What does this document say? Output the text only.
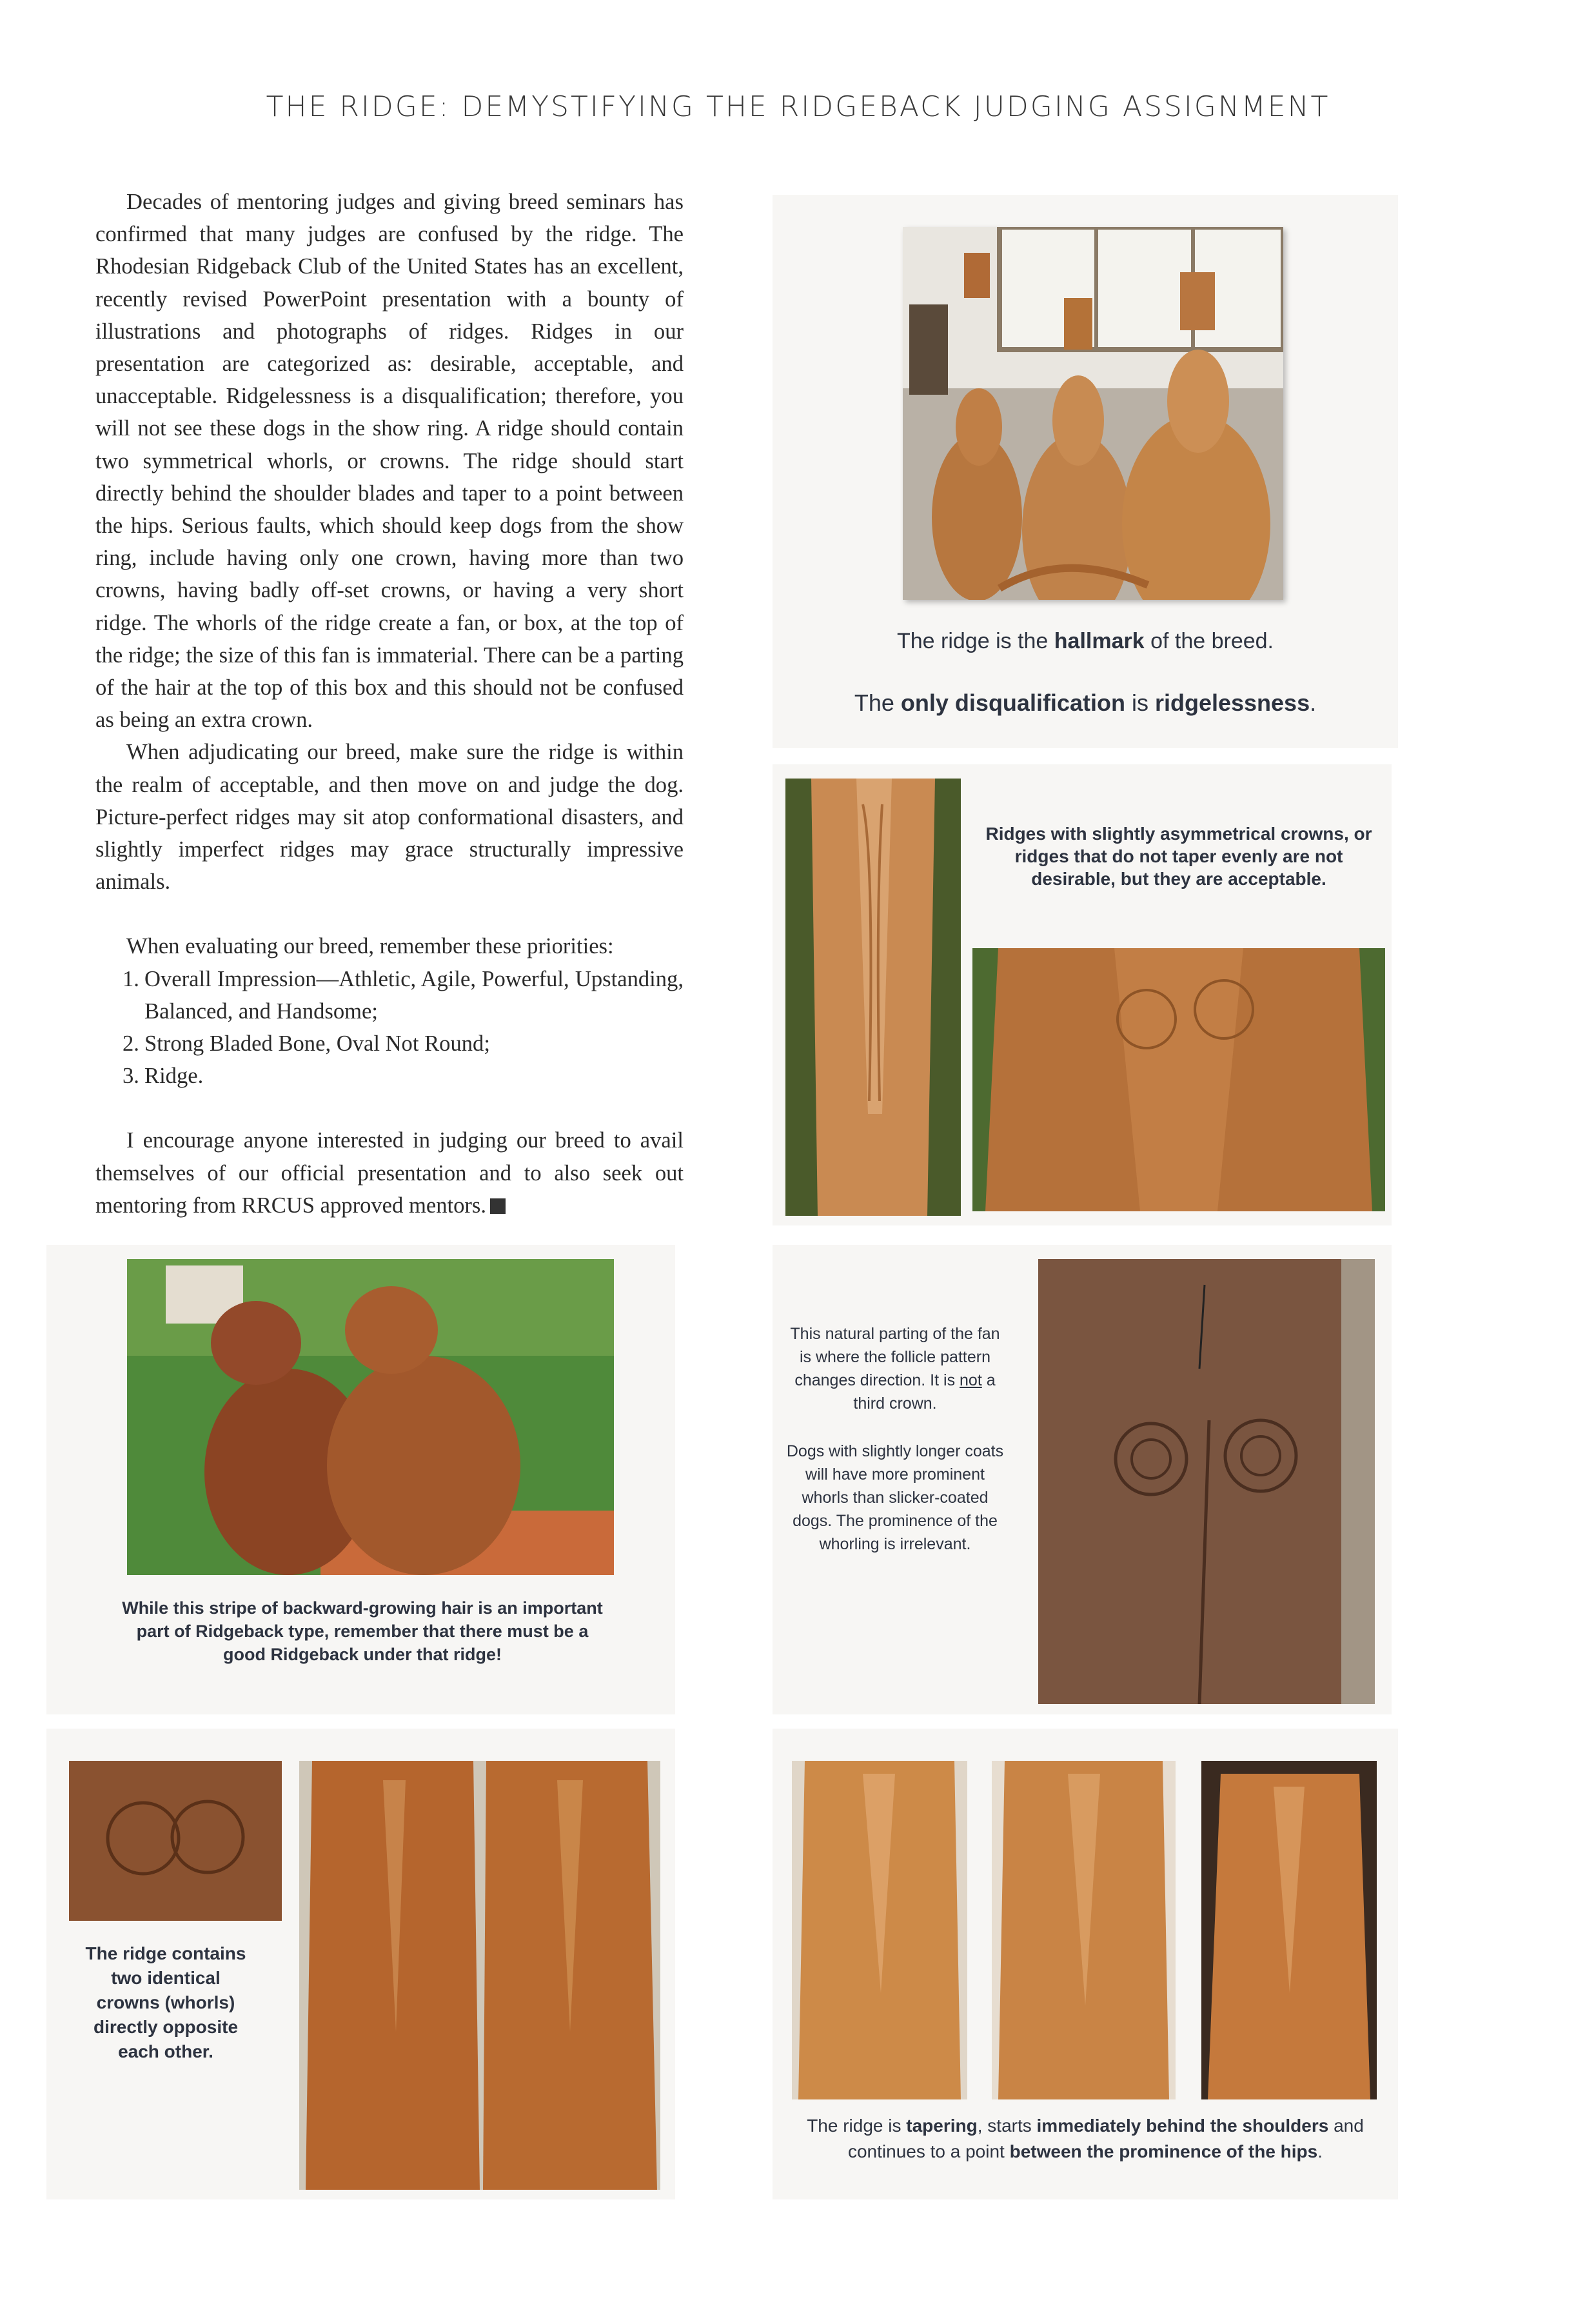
THE RIDGE: DEMYSTIFYING THE RIDGEBACK JUDGING ASSIGNMENT

Decades of mentoring judges and giving breed seminars has confirmed that many judges are confused by the ridge. The Rhodesian Ridgeback Club of the United States has an excellent, recently revised PowerPoint presentation with a bounty of illustrations and photographs of ridges. Ridges in our presentation are categorized as: desirable, acceptable, and unacceptable. Ridgelessness is a disqualification; therefore, you will not see these dogs in the show ring. A ridge should contain two symmetrical whorls, or crowns. The ridge should start directly behind the shoulder blades and taper to a point between the hips. Serious faults, which should keep dogs from the show ring, include having only one crown, having more than two crowns, having badly off-set crowns, or having a very short ridge. The whorls of the ridge create a fan, or box, at the top of the ridge; the size of this fan is immaterial. There can be a parting of the hair at the top of this box and this should not be confused as being an extra crown.

When adjudicating our breed, make sure the ridge is within the realm of acceptable, and then move on and judge the dog. Picture-perfect ridges may sit atop conformational disasters, and slightly imperfect ridges may grace structurally impressive animals.

When evaluating our breed, remember these priorities:

1. Overall Impression—Athletic, Agile, Powerful, Upstanding, Balanced, and Handsome;
2. Strong Bladed Bone, Oval Not Round;
3. Ridge.

I encourage anyone interested in judging our breed to avail themselves of our official presentation and to also seek out mentoring from RRCUS approved mentors.

The ridge is the hallmark of the breed.
The only disqualification is ridgelessness.
Ridges with slightly asymmetrical crowns, or ridges that do not taper evenly are not desirable, but they are acceptable.
While this stripe of backward-growing hair is an important part of Ridgeback type, remember that there must be a good Ridgeback under that ridge!
This natural parting of the fan is where the follicle pattern changes direction. It is not a third crown.
Dogs with slightly longer coats will have more prominent whorls than slicker-coated dogs. The prominence of the whorling is irrelevant.
The ridge contains two identical crowns (whorls) directly opposite each other.
The ridge is tapering, starts immediately behind the shoulders and continues to a point between the prominence of the hips.
